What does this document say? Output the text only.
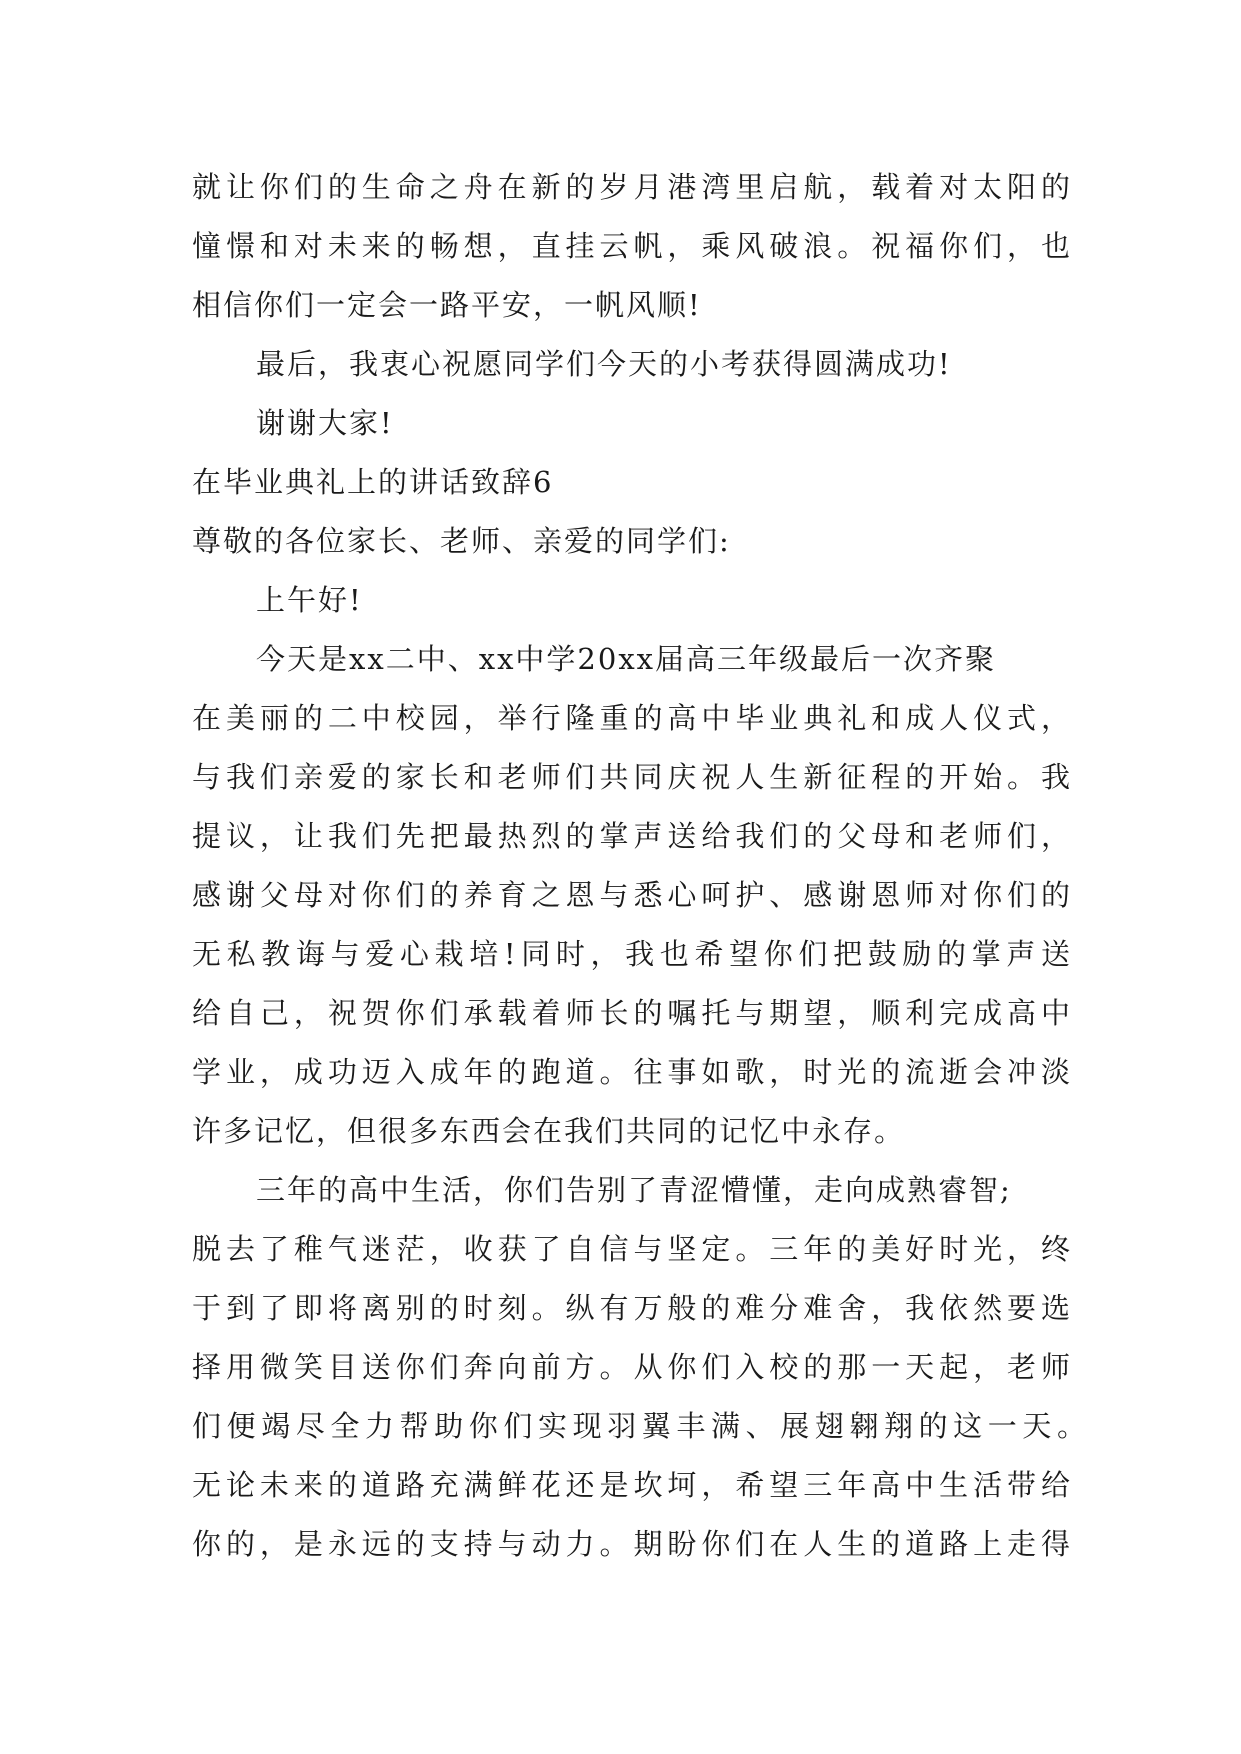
就让你们的生命之舟在新的岁月港湾里启航，载着对太阳的
憧憬和对未来的畅想，直挂云帆，乘风破浪。祝福你们，也
相信你们一定会一路平安，一帆风顺!
最后，我衷心祝愿同学们今天的小考获得圆满成功!
谢谢大家!
在毕业典礼上的讲话致辞6
尊敬的各位家长、老师、亲爱的同学们:
上午好!
今天是xx二中、xx中学20xx届高三年级最后一次齐聚
在美丽的二中校园，举行隆重的高中毕业典礼和成人仪式，
与我们亲爱的家长和老师们共同庆祝人生新征程的开始。我
提议，让我们先把最热烈的掌声送给我们的父母和老师们，
感谢父母对你们的养育之恩与悉心呵护、感谢恩师对你们的
无私教诲与爱心栽培!同时，我也希望你们把鼓励的掌声送
给自己，祝贺你们承载着师长的嘱托与期望，顺利完成高中
学业，成功迈入成年的跑道。往事如歌，时光的流逝会冲淡
许多记忆，但很多东西会在我们共同的记忆中永存。
三年的高中生活，你们告别了青涩懵懂，走向成熟睿智;
脱去了稚气迷茫，收获了自信与坚定。三年的美好时光，终
于到了即将离别的时刻。纵有万般的难分难舍，我依然要选
择用微笑目送你们奔向前方。从你们入校的那一天起，老师
们便竭尽全力帮助你们实现羽翼丰满、展翅翱翔的这一天。
无论未来的道路充满鲜花还是坎坷，希望三年高中生活带给
你的，是永远的支持与动力。期盼你们在人生的道路上走得
